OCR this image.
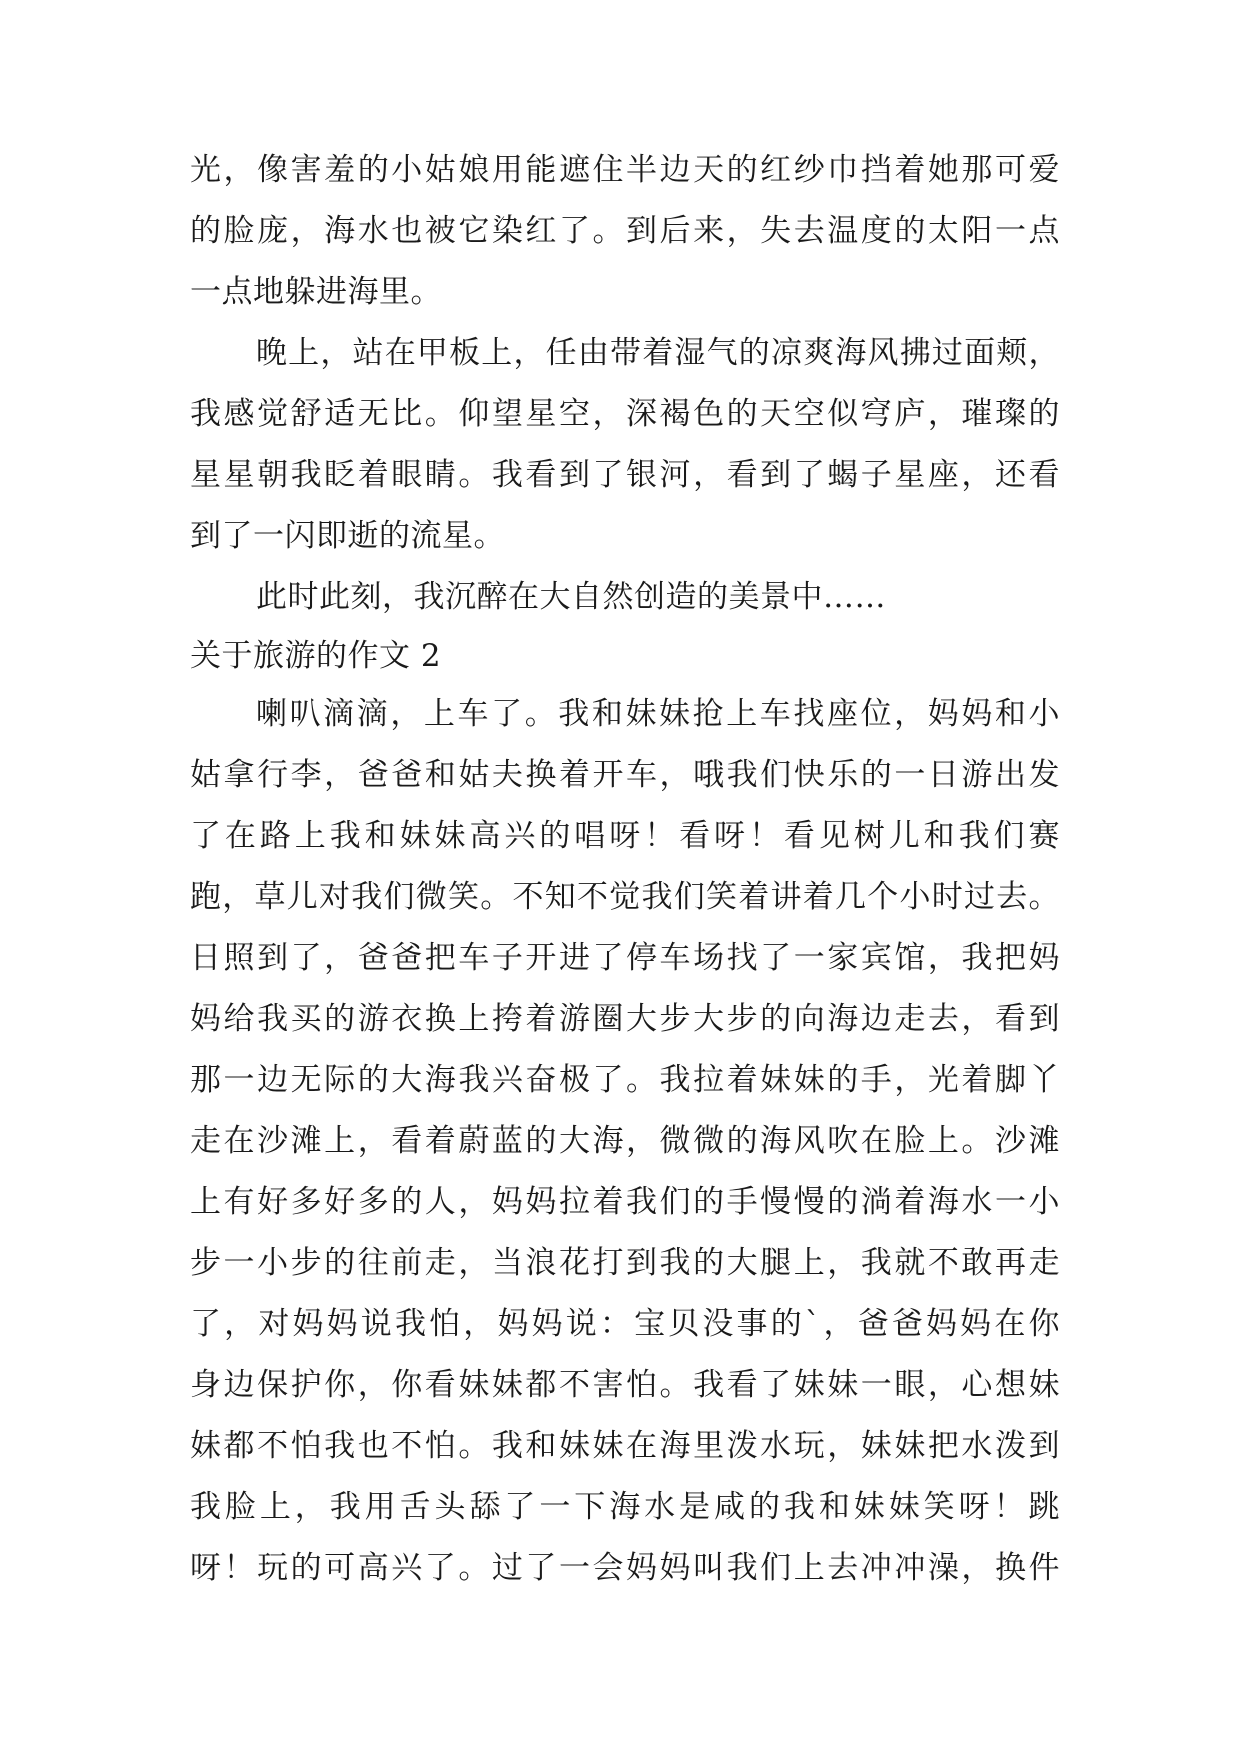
光，像害羞的小姑娘用能遮住半边天的红纱巾挡着她那可爱
的脸庞，海水也被它染红了。到后来，失去温度的太阳一点
一点地躲进海里。
晚上，站在甲板上，任由带着湿气的凉爽海风拂过面颊，
我感觉舒适无比。仰望星空，深褐色的天空似穹庐，璀璨的
星星朝我眨着眼睛。我看到了银河，看到了蝎子星座，还看
到了一闪即逝的流星。
此时此刻，我沉醉在大自然创造的美景中……
关于旅游的作文 2
喇叭滴滴，上车了。我和妹妹抢上车找座位，妈妈和小
姑拿行李，爸爸和姑夫换着开车，哦我们快乐的一日游出发
了在路上我和妹妹高兴的唱呀！看呀！看见树儿和我们赛
跑，草儿对我们微笑。不知不觉我们笑着讲着几个小时过去。
日照到了，爸爸把车子开进了停车场找了一家宾馆，我把妈
妈给我买的游衣换上挎着游圈大步大步的向海边走去，看到
那一边无际的大海我兴奋极了。我拉着妹妹的手，光着脚丫
走在沙滩上，看着蔚蓝的大海，微微的海风吹在脸上。沙滩
上有好多好多的人，妈妈拉着我们的手慢慢的淌着海水一小
步一小步的往前走，当浪花打到我的大腿上，我就不敢再走
了，对妈妈说我怕，妈妈说：宝贝没事的`，爸爸妈妈在你
身边保护你，你看妹妹都不害怕。我看了妹妹一眼，心想妹
妹都不怕我也不怕。我和妹妹在海里泼水玩，妹妹把水泼到
我脸上，我用舌头舔了一下海水是咸的我和妹妹笑呀！跳
呀！玩的可高兴了。过了一会妈妈叫我们上去冲冲澡，换件
